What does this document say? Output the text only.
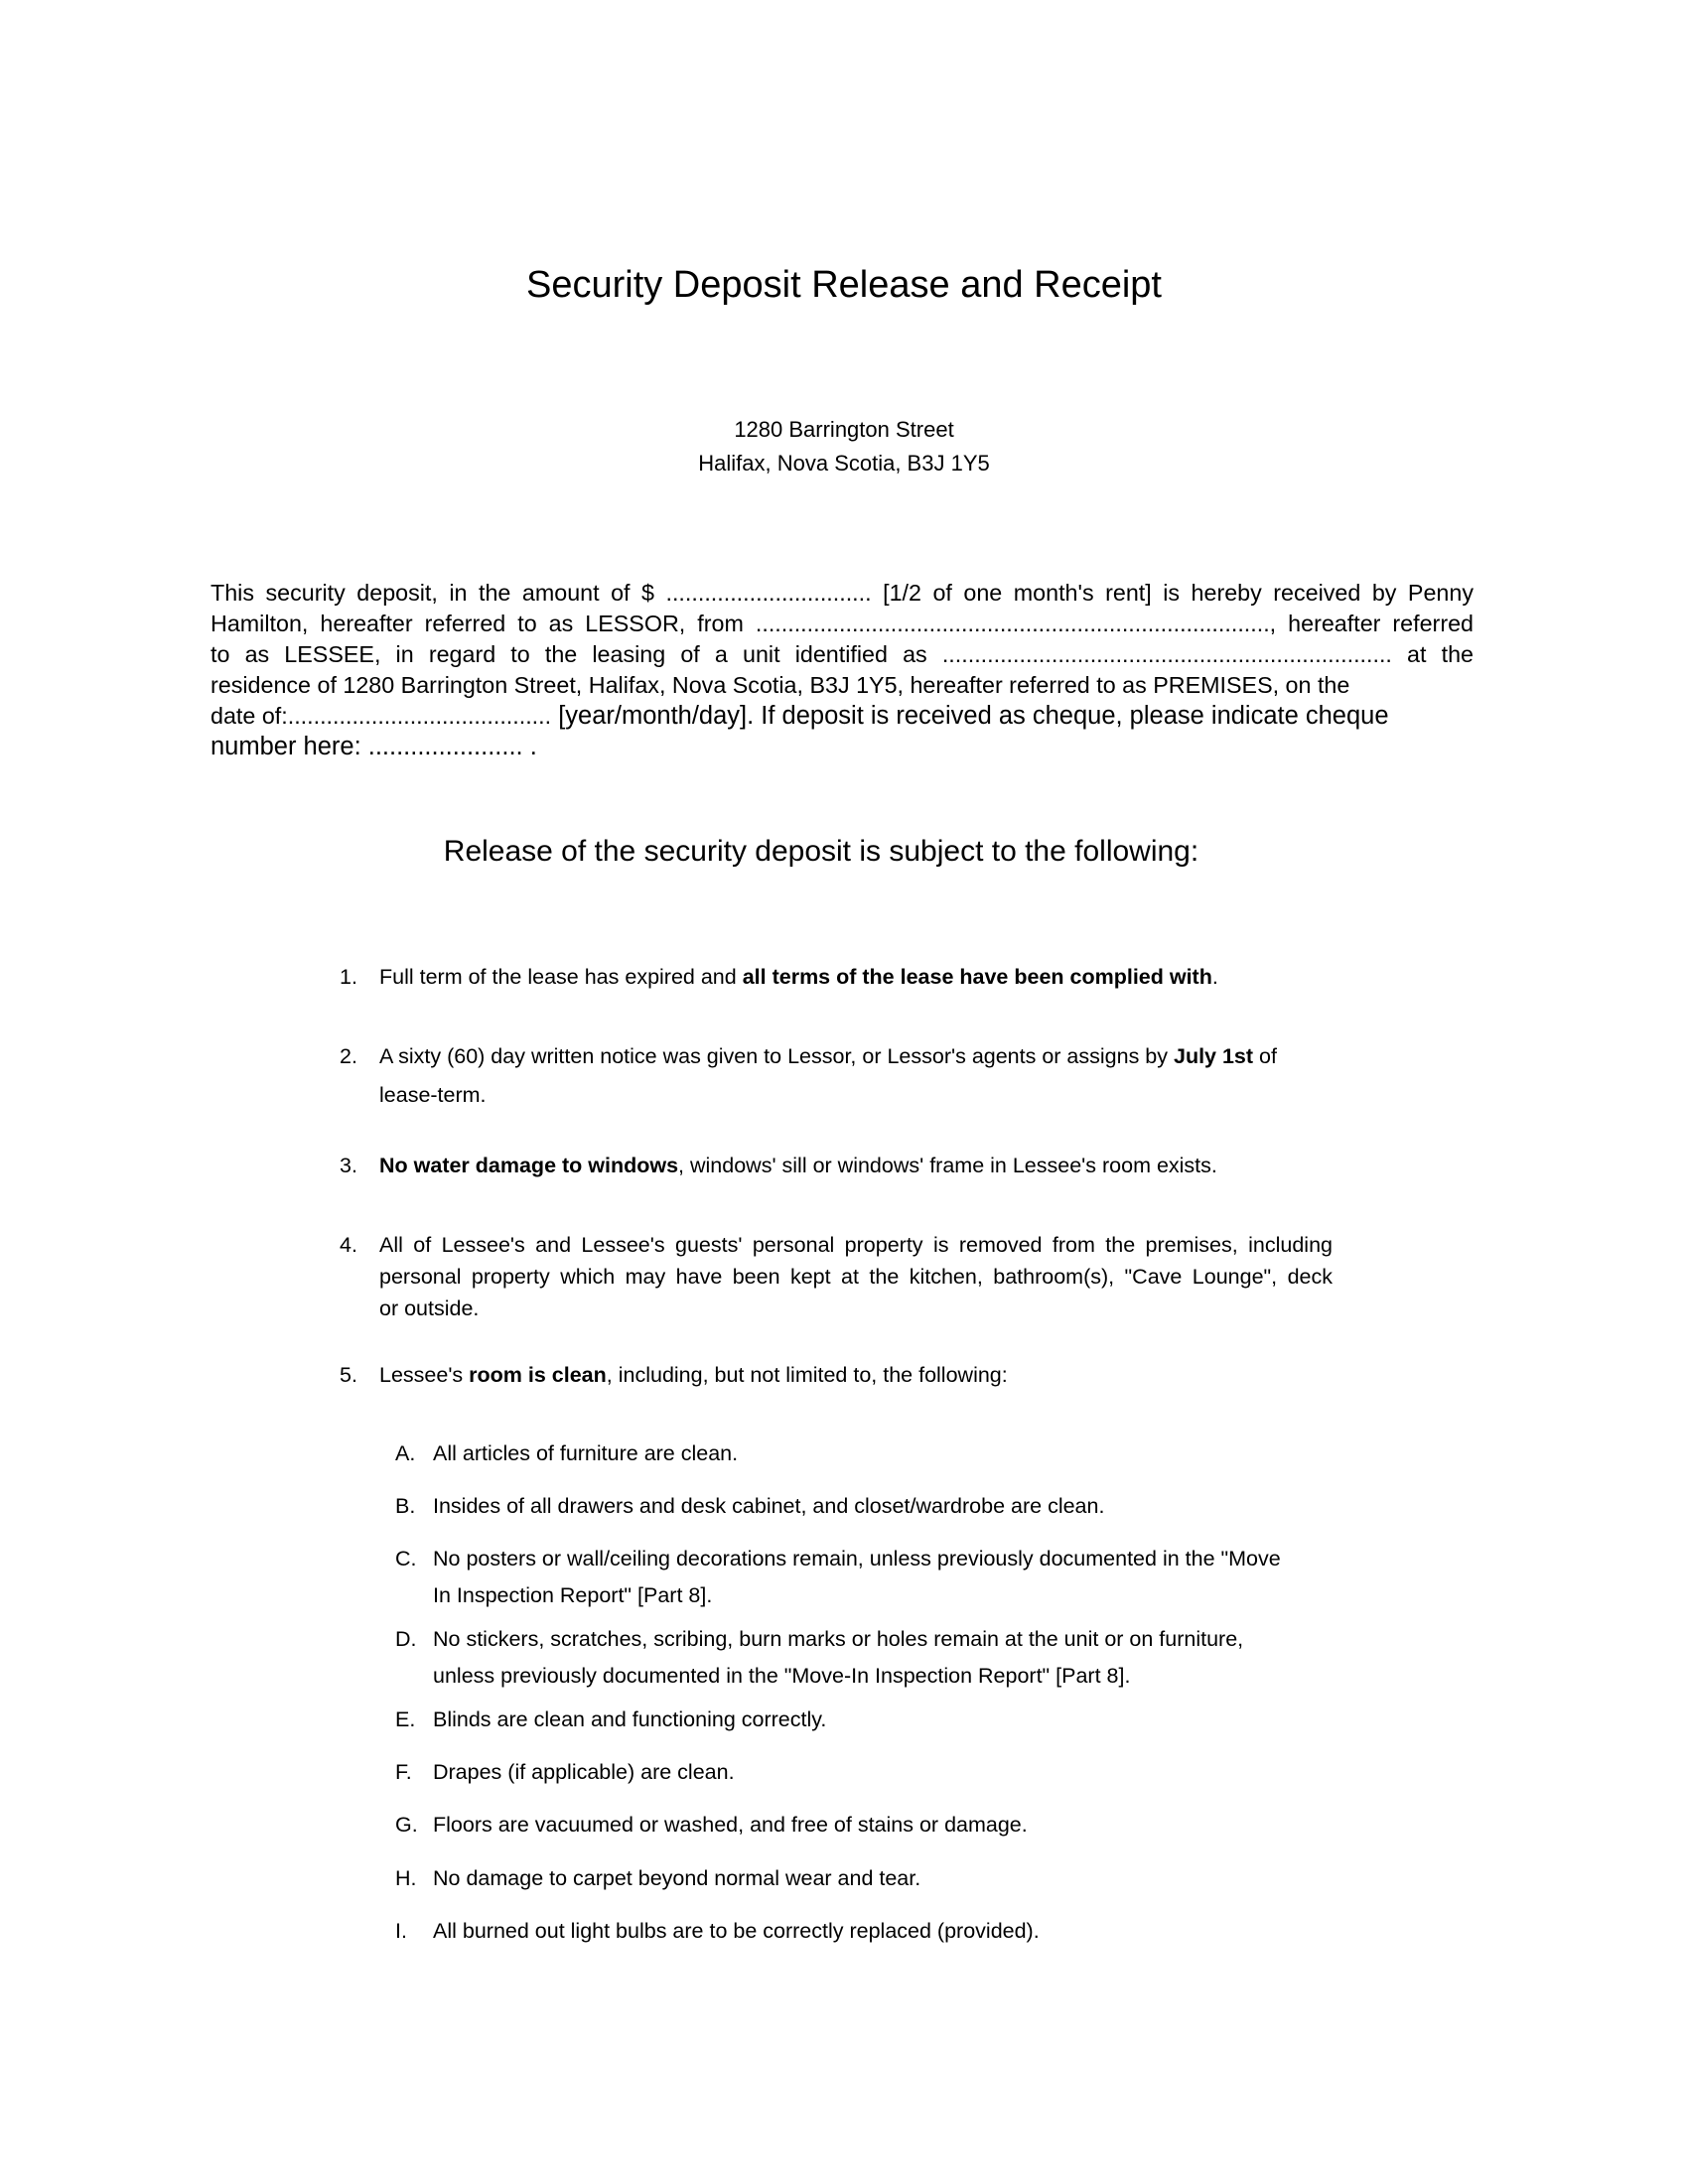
Security Deposit Release and Receipt
1280 Barrington Street
Halifax, Nova Scotia, B3J 1Y5
This security deposit, in the amount of $ ................................ [1/2 of one month's rent] is hereby received by Penny
Hamilton, hereafter referred to as LESSOR, from ................................................................................, hereafter referred
to as LESSEE, in regard to the leasing of a unit identified as ...................................................................... at the
residence of 1280 Barrington Street, Halifax, Nova Scotia, B3J 1Y5, hereafter referred to as PREMISES, on the
date of:......................................... [year/month/day]. If deposit is received as cheque, please indicate cheque
number here: ...................... .
Release of the security deposit is subject to the following:
1. Full term of the lease has expired and all terms of the lease have been complied with.
2. A sixty (60) day written notice was given to Lessor, or Lessor's agents or assigns by July 1st of
lease-term.
3. No water damage to windows, windows' sill or windows' frame in Lessee's room exists.
4. All of Lessee's and Lessee's guests' personal property is removed from the premises, including
personal property which may have been kept at the kitchen, bathroom(s), "Cave Lounge", deck
or outside.
5. Lessee's room is clean, including, but not limited to, the following:
A. All articles of furniture are clean.
B. Insides of all drawers and desk cabinet, and closet/wardrobe are clean.
C. No posters or wall/ceiling decorations remain, unless previously documented in the "Move
In Inspection Report" [Part 8].
D. No stickers, scratches, scribing, burn marks or holes remain at the unit or on furniture,
unless previously documented in the "Move-In Inspection Report" [Part 8].
E. Blinds are clean and functioning correctly.
F. Drapes (if applicable) are clean.
G. Floors are vacuumed or washed, and free of stains or damage.
H. No damage to carpet beyond normal wear and tear.
I. All burned out light bulbs are to be correctly replaced (provided).
